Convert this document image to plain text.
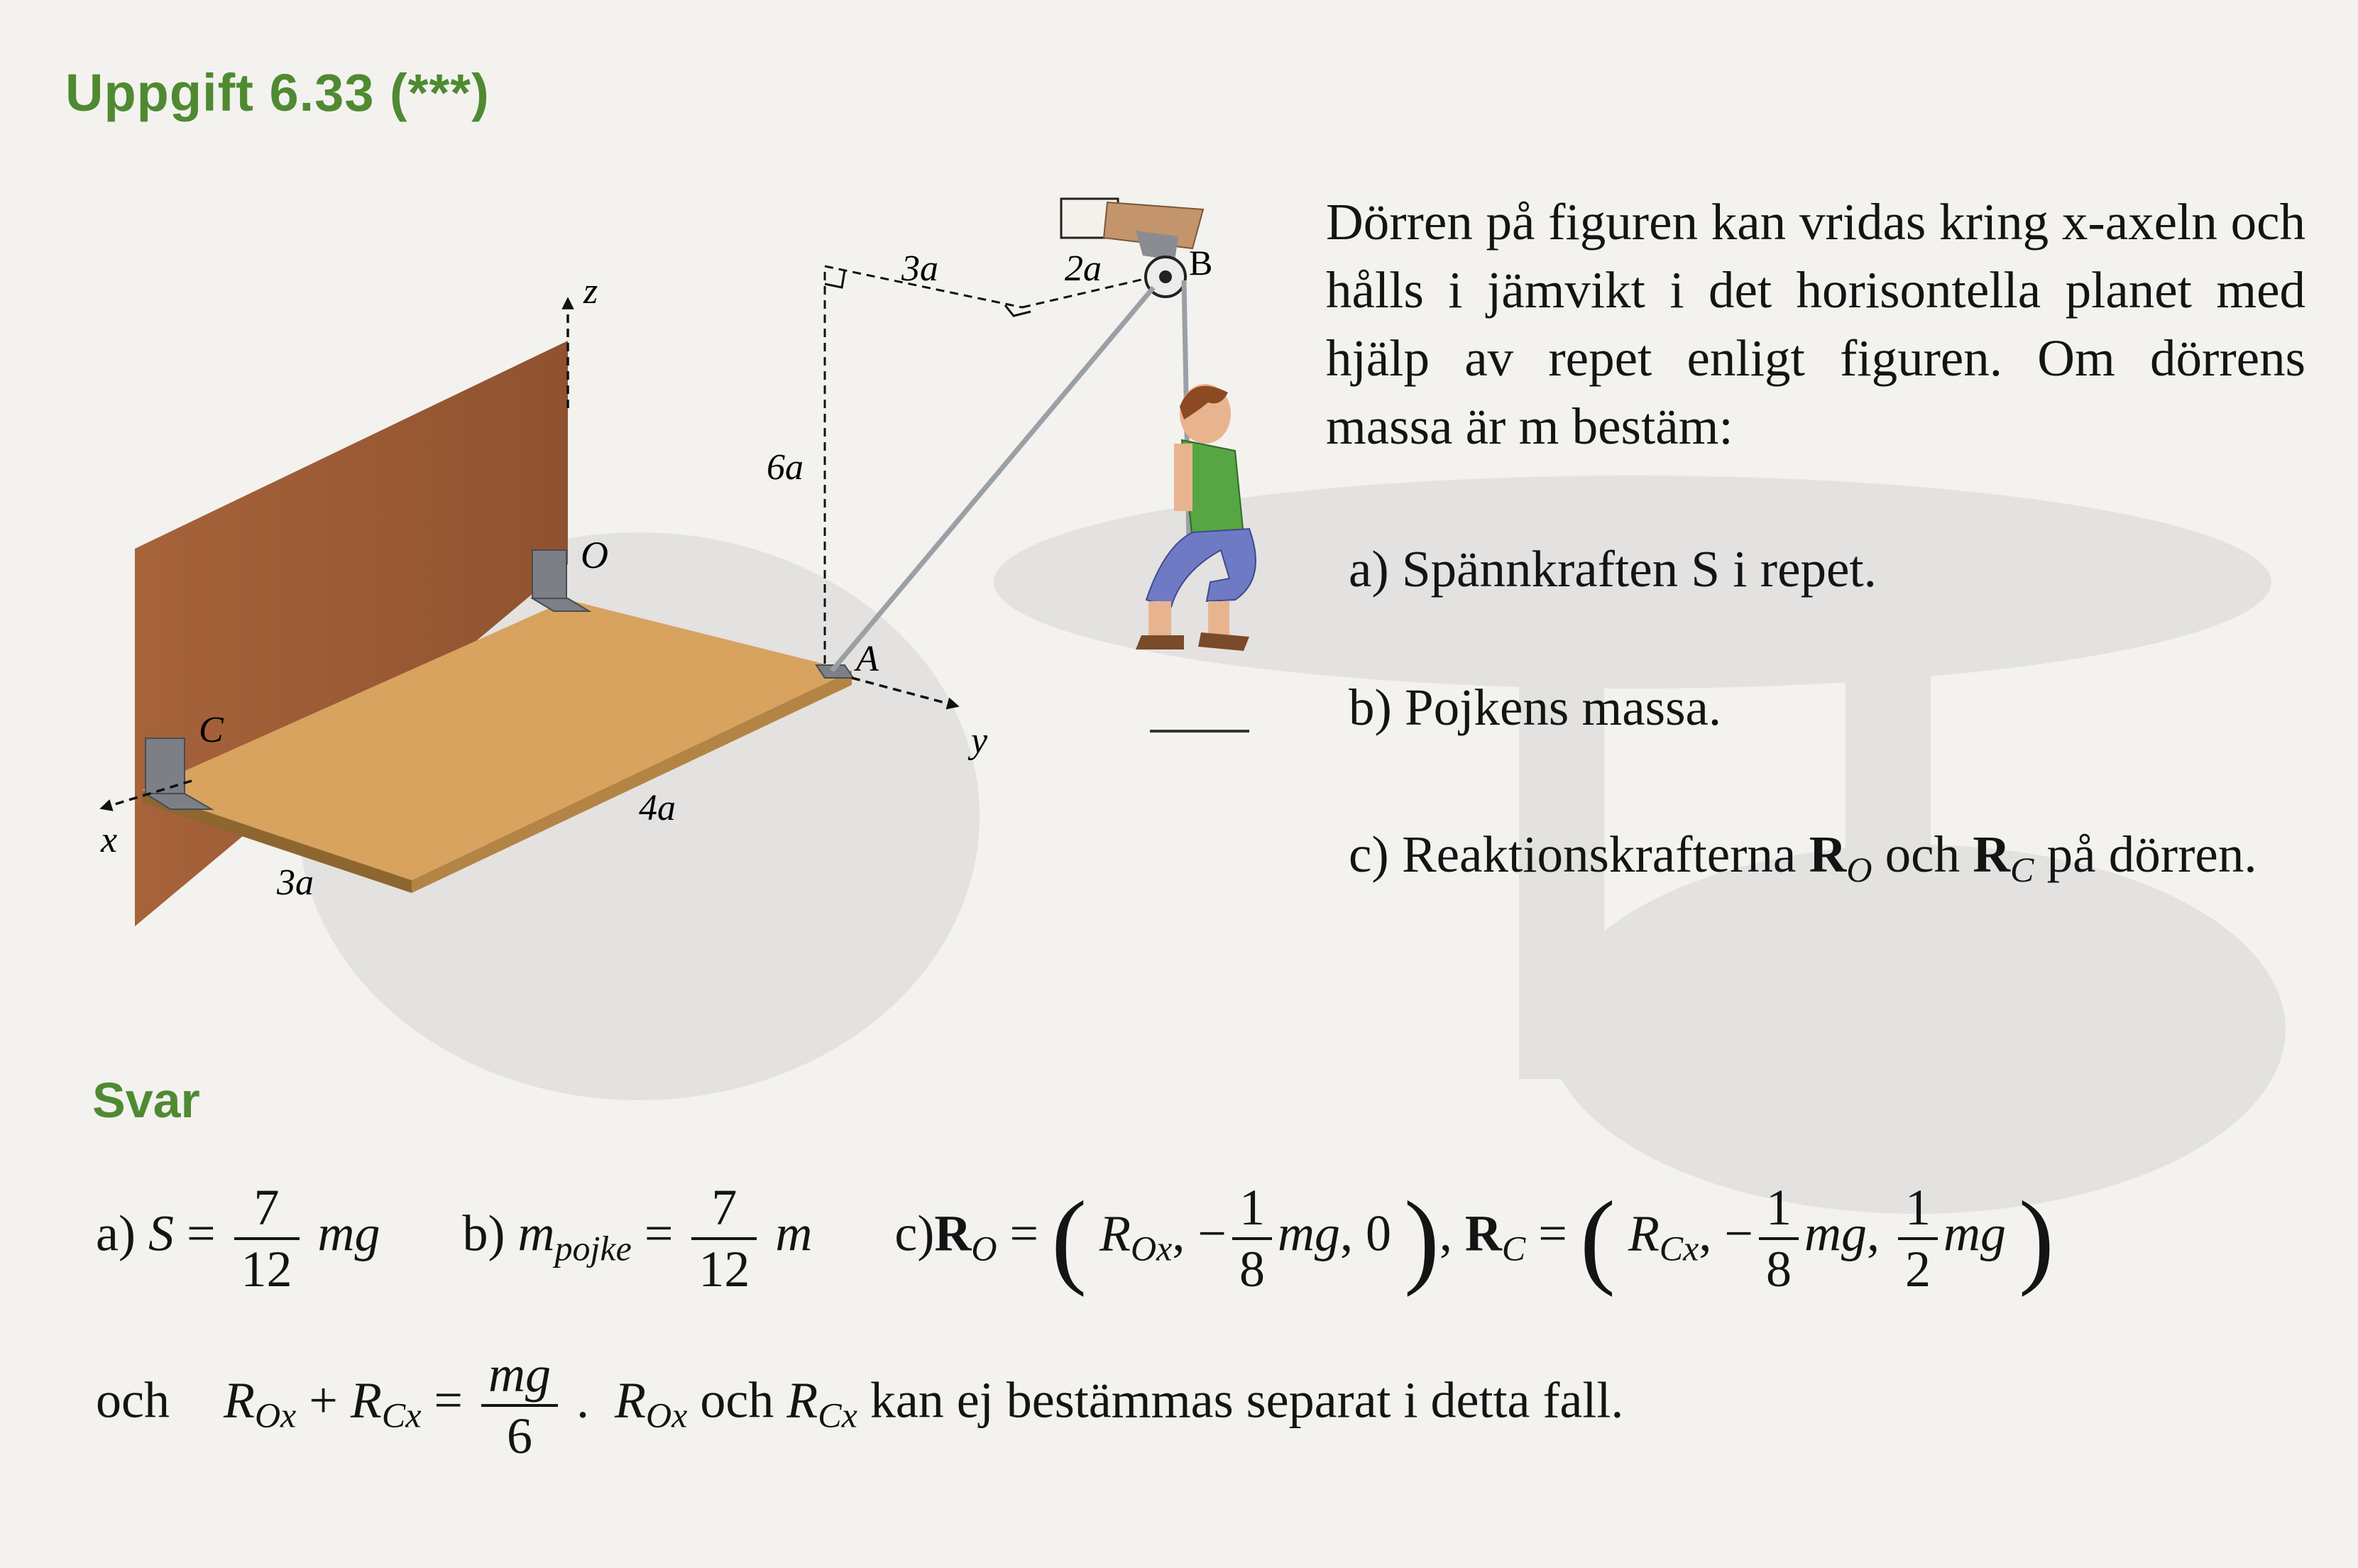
Uppgift 6.33 (***)
z
x
y
O
A
C
3a	2a
6a
4a
3a
B
Dörren på figuren kan vridas kring x-axeln och hålls i jämvikt i det horisontella planet med hjälp av repet enligt figuren. Om dörrens massa är m bestäm:
a) Spännkraften S i repet.
b) Pojkens massa.
c) Reaktionskrafterna $R_O$ och $R_C$ på dörren.
Svar
a) $S = \frac{7}{12}$ mg b) $m_{pojke} = \frac{7}{12}$ m $c)R_O$ = ( $R_{Ox}$, − $\frac{1}{8}$ mg, 0 ), $R_C$ = ( $R_{Cx}$, − $\frac{1}{8}$ mg, $\frac{1}{2}$ mg )
och $R_{Ox} + R_{Cx} = \frac{mg}{6}$ .  $R_{Ox}$ och $R_{Cx}$ kan ej bestämmas separat i detta fall.
